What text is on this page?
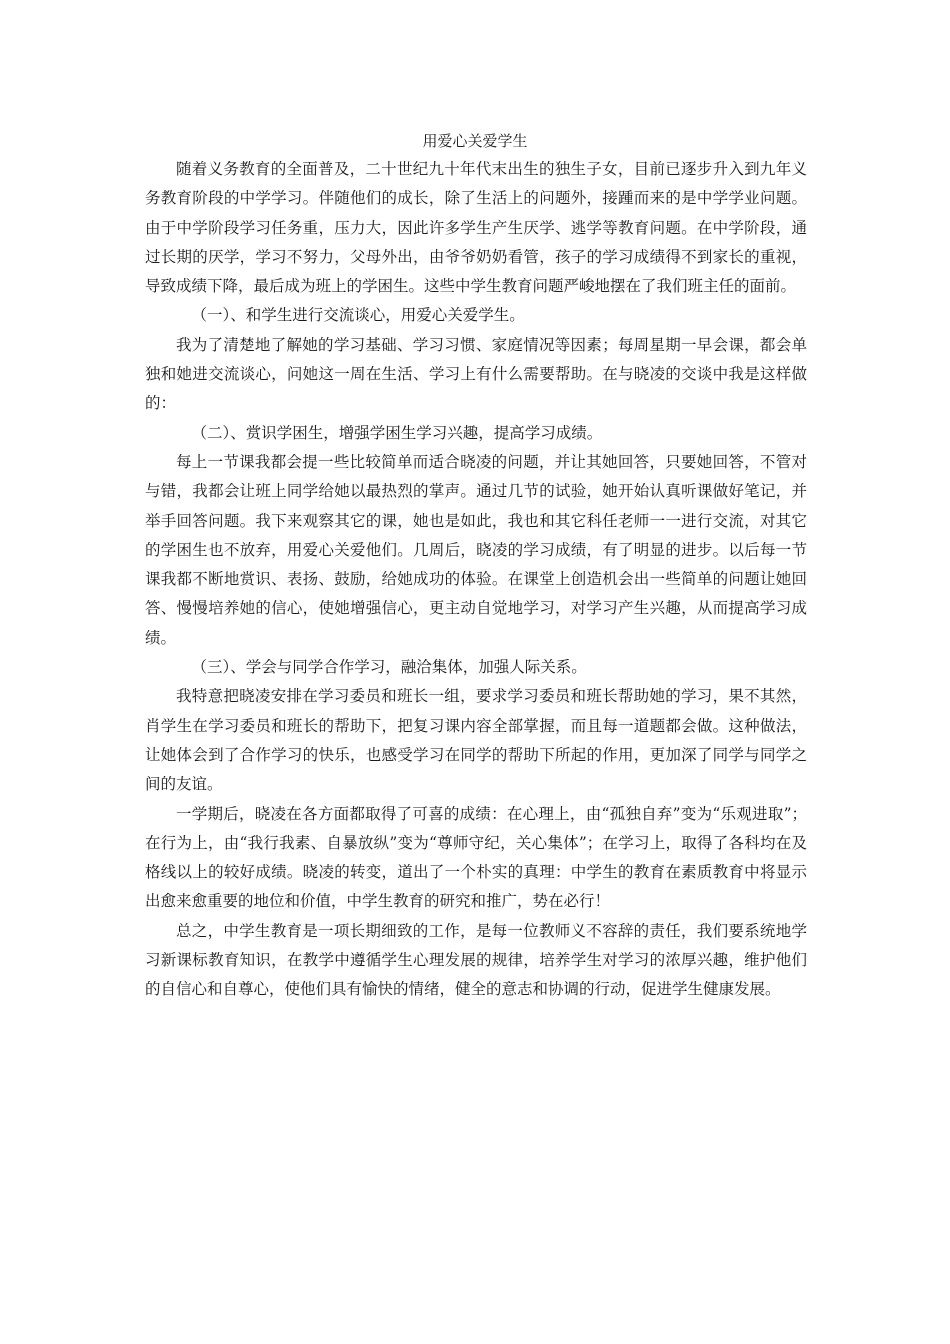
用爱心关爱学生

随着义务教育的全面普及，二十世纪九十年代末出生的独生子女，目前已逐步升入到九年义务教育阶段的中学学习。伴随他们的成长，除了生活上的问题外，接踵而来的是中学学业问题。由于中学阶段学习任务重，压力大，因此许多学生产生厌学、逃学等教育问题。在中学阶段，通过长期的厌学，学习不努力，父母外出，由爷爷奶奶看管，孩子的学习成绩得不到家长的重视，导致成绩下降，最后成为班上的学困生。这些中学生教育问题严峻地摆在了我们班主任的面前。

（一）、和学生进行交流谈心，用爱心关爱学生。

我为了清楚地了解她的学习基础、学习习惯、家庭情况等因素；每周星期一早会课，都会单独和她进交流谈心，问她这一周在生活、学习上有什么需要帮助。在与晓凌的交谈中我是这样做的：

（二）、赏识学困生，增强学困生学习兴趣，提高学习成绩。

每上一节课我都会提一些比较简单而适合晓凌的问题，并让其她回答，只要她回答，不管对与错，我都会让班上同学给她以最热烈的掌声。通过几节的试验，她开始认真听课做好笔记，并举手回答问题。我下来观察其它的课，她也是如此，我也和其它科任老师一一进行交流，对其它的学困生也不放弃，用爱心关爱他们。几周后，晓凌的学习成绩，有了明显的进步。以后每一节课我都不断地赏识、表扬、鼓励，给她成功的体验。在课堂上创造机会出一些简单的问题让她回答、慢慢培养她的信心，使她增强信心，更主动自觉地学习，对学习产生兴趣，从而提高学习成绩。

（三）、学会与同学合作学习，融洽集体，加强人际关系。

我特意把晓凌安排在学习委员和班长一组，要求学习委员和班长帮助她的学习，果不其然，肖学生在学习委员和班长的帮助下，把复习课内容全部掌握，而且每一道题都会做。这种做法，让她体会到了合作学习的快乐，也感受学习在同学的帮助下所起的作用，更加深了同学与同学之间的友谊。

一学期后，晓凌在各方面都取得了可喜的成绩：在心理上，由“孤独自弃”变为“乐观进取”；在行为上，由“我行我素、自暴放纵”变为“尊师守纪，关心集体”；在学习上，取得了各科均在及格线以上的较好成绩。晓凌的转变，道出了一个朴实的真理：中学生的教育在素质教育中将显示出愈来愈重要的地位和价值，中学生教育的研究和推广，势在必行！

总之，中学生教育是一项长期细致的工作，是每一位教师义不容辞的责任，我们要系统地学习新课标教育知识，在教学中遵循学生心理发展的规律，培养学生对学习的浓厚兴趣，维护他们的自信心和自尊心，使他们具有愉快的情绪，健全的意志和协调的行动，促进学生健康发展。
